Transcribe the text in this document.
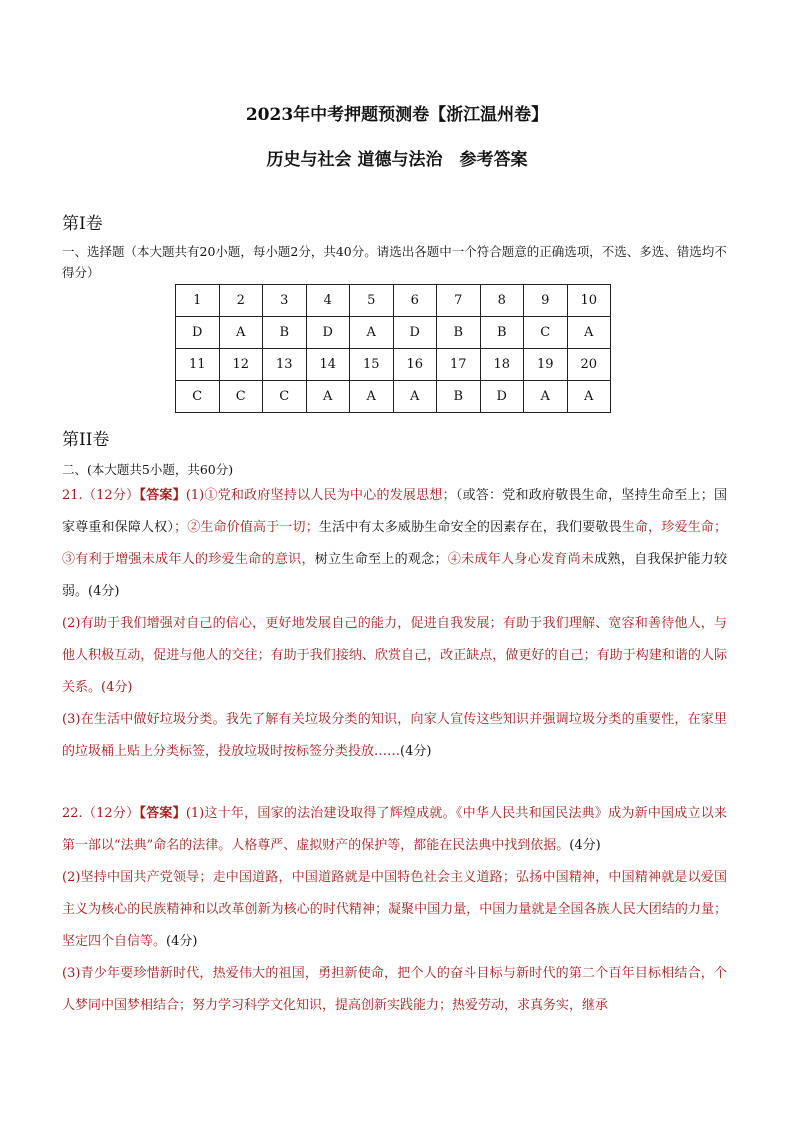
2023年中考押题预测卷【浙江温州卷】
历史与社会 道德与法治　参考答案
第Ⅰ卷
一、选择题（本大题共有20小题，每小题2分，共40分。请选出各题中一个符合题意的正确选项，不选、多选、错选均不得分）
1	2	3	4	5	6	7	8	9	10
D	A	B	D	A	D	B	B	C	A
11	12	13	14	15	16	17	18	19	20
C	C	C	A	A	A	B	D	A	A
第II卷
二、(本大题共5小题，共60分)
21.（12分）【答案】(1)①党和政府坚持以人民为中心的发展思想；（或答：党和政府敬畏生命，坚持生命至上；国家尊重和保障人权）；②生命价值高于一切；生活中有太多威胁生命安全的因素存在，我们要敬畏生命，珍爱生命；③有利于增强未成年人的珍爱生命的意识，树立生命至上的观念；④未成年人身心发育尚未成熟，自我保护能力较弱。(4分)
(2)有助于我们增强对自己的信心，更好地发展自己的能力，促进自我发展；有助于我们理解、宽容和善待他人，与他人积极互动，促进与他人的交往；有助于我们接纳、欣赏自己，改正缺点，做更好的自己；有助于构建和谐的人际关系。(4分)
(3)在生活中做好垃圾分类。我先了解有关垃圾分类的知识，向家人宣传这些知识并强调垃圾分类的重要性，在家里的垃圾桶上贴上分类标签，投放垃圾时按标签分类投放……(4分)
22.（12分）【答案】(1)这十年，国家的法治建设取得了辉煌成就。《中华人民共和国民法典》成为新中国成立以来第一部以“法典”命名的法律。人格尊严、虚拟财产的保护等，都能在民法典中找到依据。(4分)
(2)坚持中国共产党领导；走中国道路，中国道路就是中国特色社会主义道路；弘扬中国精神，中国精神就是以爱国主义为核心的民族精神和以改革创新为核心的时代精神；凝聚中国力量，中国力量就是全国各族人民大团结的力量；坚定四个自信等。(4分)
(3)青少年要珍惜新时代，热爱伟大的祖国，勇担新使命，把个人的奋斗目标与新时代的第二个百年目标相结合，个人梦同中国梦相结合；努力学习科学文化知识，提高创新实践能力；热爱劳动，求真务实，继承
